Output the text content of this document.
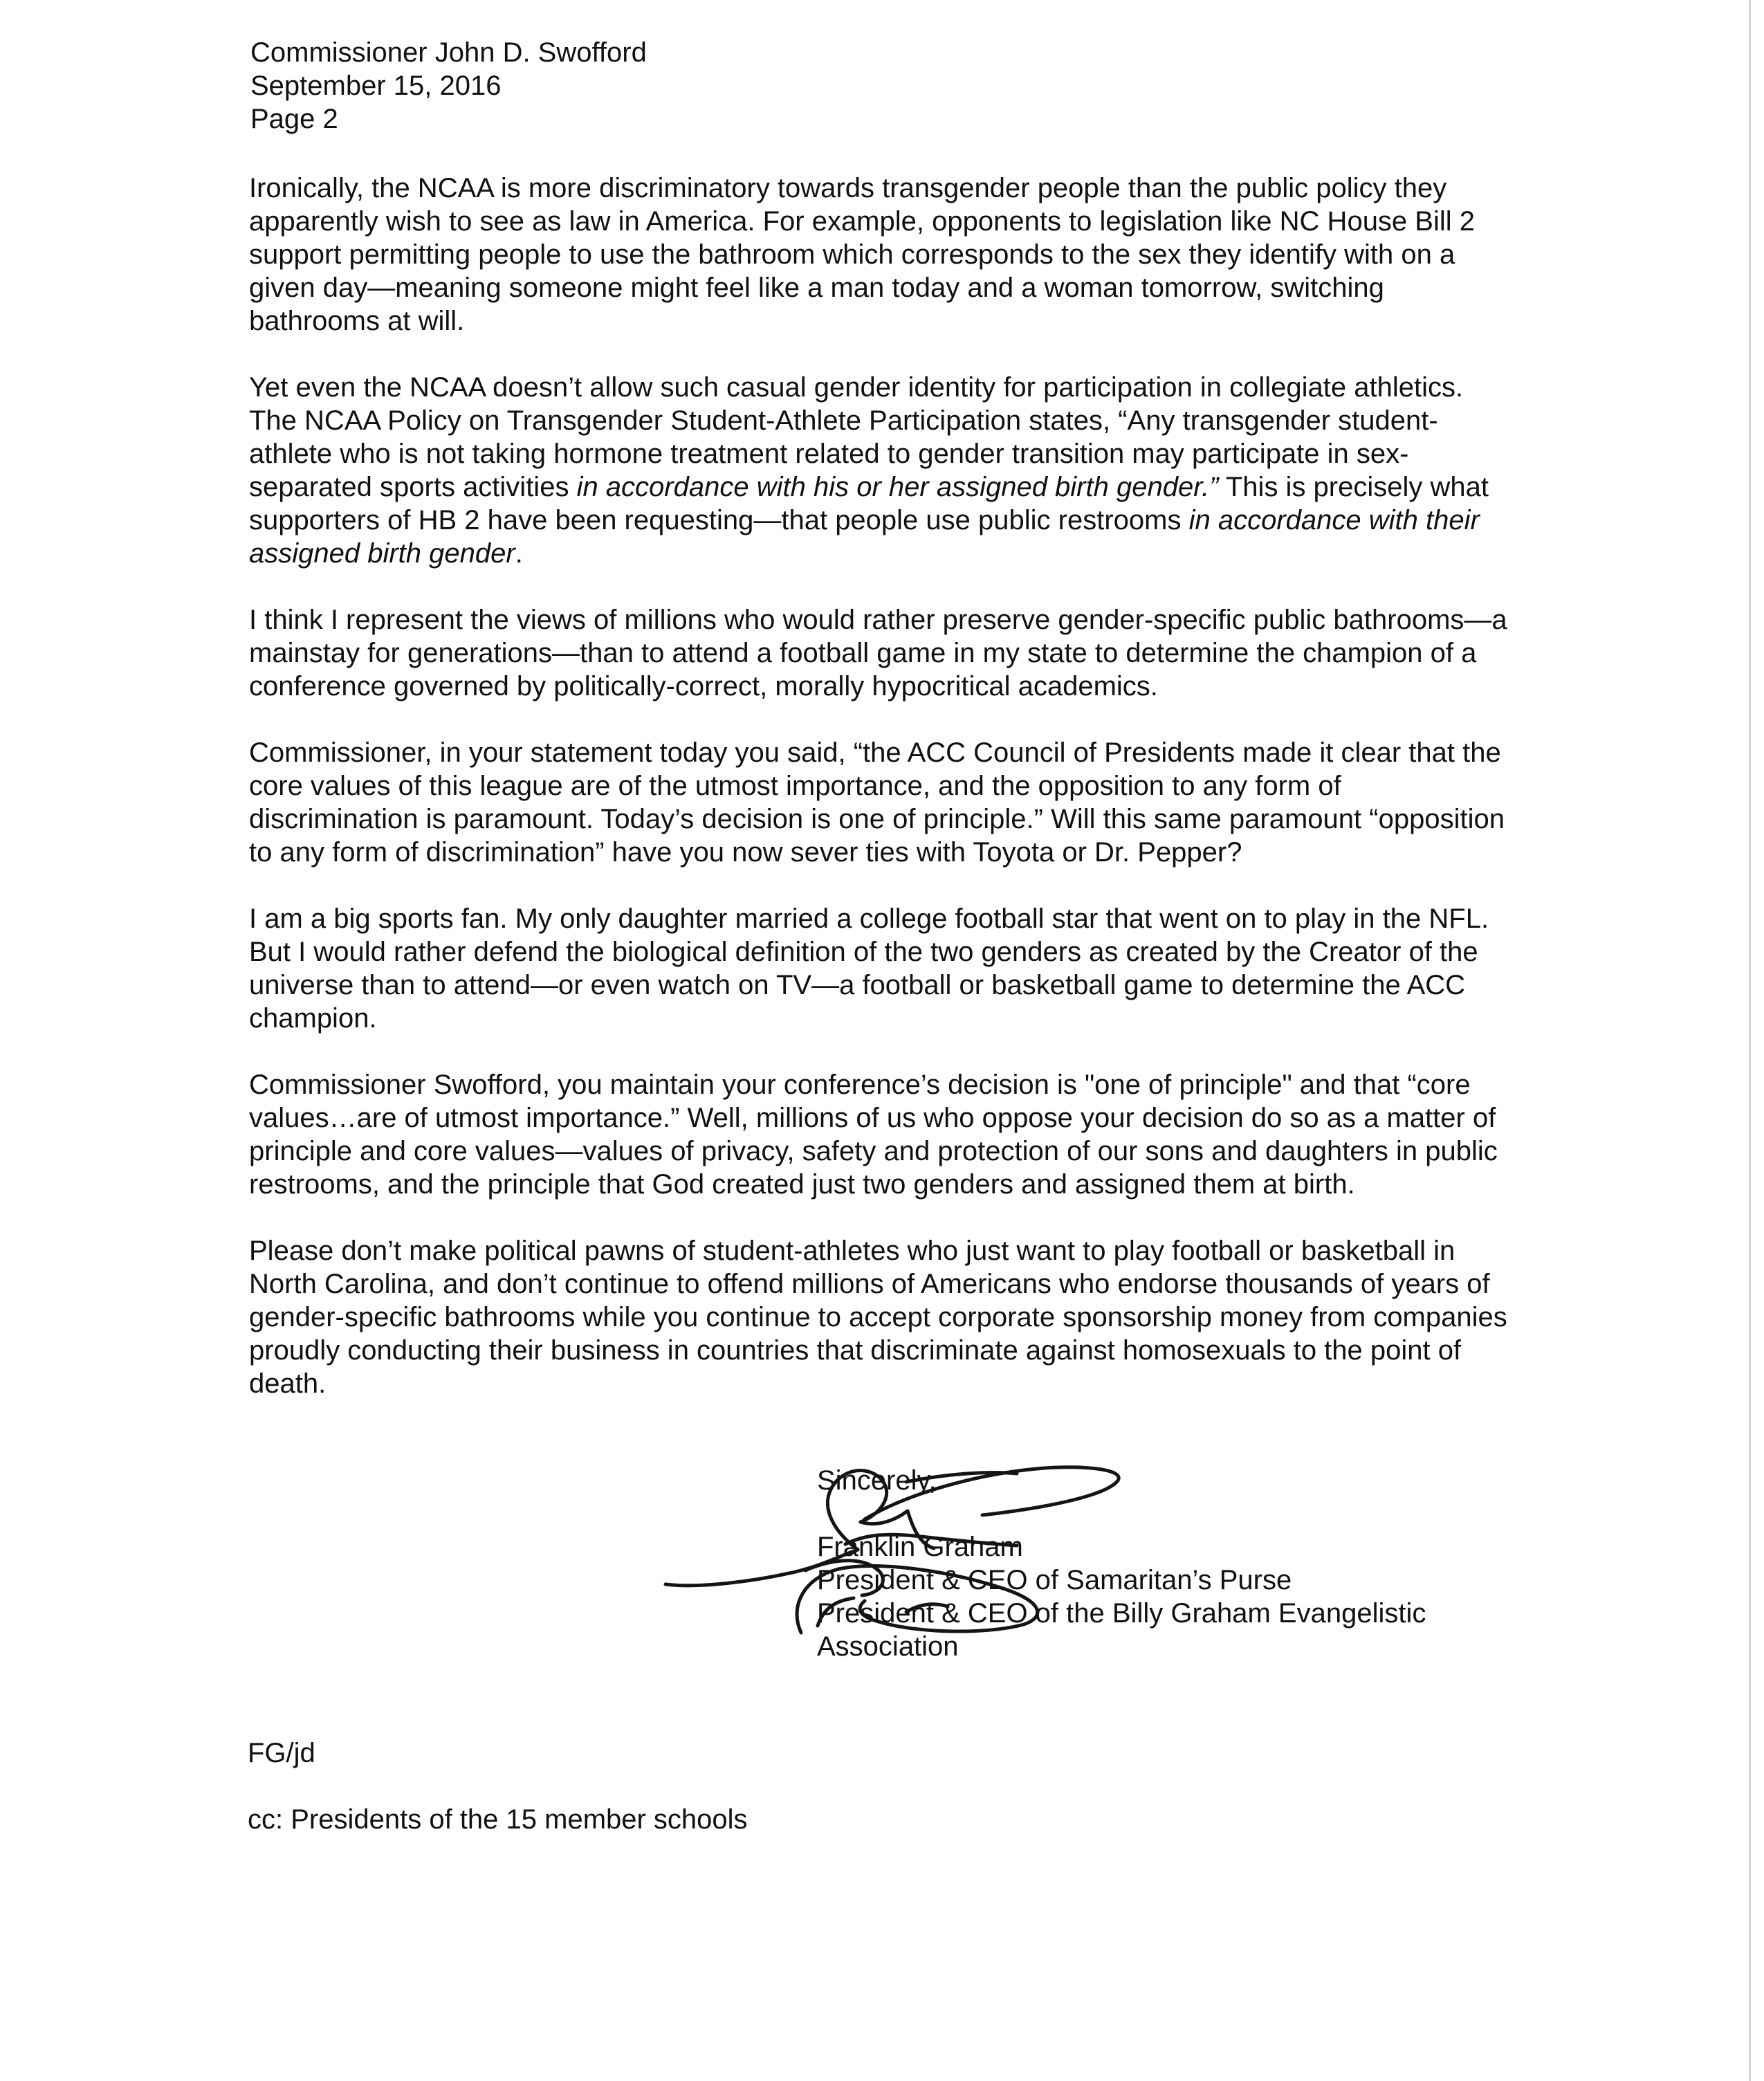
Commissioner John D. Swofford
September 15, 2016
Page 2

Ironically, the NCAA is more discriminatory towards transgender people than the public policy they apparently wish to see as law in America. For example, opponents to legislation like NC House Bill 2 support permitting people to use the bathroom which corresponds to the sex they identify with on a given day—meaning someone might feel like a man today and a woman tomorrow, switching bathrooms at will.

Yet even the NCAA doesn’t allow such casual gender identity for participation in collegiate athletics. The NCAA Policy on Transgender Student-Athlete Participation states, “Any transgender student-athlete who is not taking hormone treatment related to gender transition may participate in sex-separated sports activities in accordance with his or her assigned birth gender.” This is precisely what supporters of HB 2 have been requesting—that people use public restrooms in accordance with their assigned birth gender.

I think I represent the views of millions who would rather preserve gender-specific public bathrooms—a mainstay for generations—than to attend a football game in my state to determine the champion of a conference governed by politically-correct, morally hypocritical academics.

Commissioner, in your statement today you said, “the ACC Council of Presidents made it clear that the core values of this league are of the utmost importance, and the opposition to any form of discrimination is paramount. Today’s decision is one of principle.” Will this same paramount “opposition to any form of discrimination” have you now sever ties with Toyota or Dr. Pepper?

I am a big sports fan. My only daughter married a college football star that went on to play in the NFL. But I would rather defend the biological definition of the two genders as created by the Creator of the universe than to attend—or even watch on TV—a football or basketball game to determine the ACC champion.

Commissioner Swofford, you maintain your conference’s decision is "one of principle" and that “core values…are of utmost importance.” Well, millions of us who oppose your decision do so as a matter of principle and core values—values of privacy, safety and protection of our sons and daughters in public restrooms, and the principle that God created just two genders and assigned them at birth.

Please don’t make political pawns of student-athletes who just want to play football or basketball in North Carolina, and don’t continue to offend millions of Americans who endorse thousands of years of gender-specific bathrooms while you continue to accept corporate sponsorship money from companies proudly conducting their business in countries that discriminate against homosexuals to the point of death.

Sincerely,
Franklin Graham
President & CEO of Samaritan’s Purse
President & CEO of the Billy Graham Evangelistic
Association
FG/jd
cc: Presidents of the 15 member schools
